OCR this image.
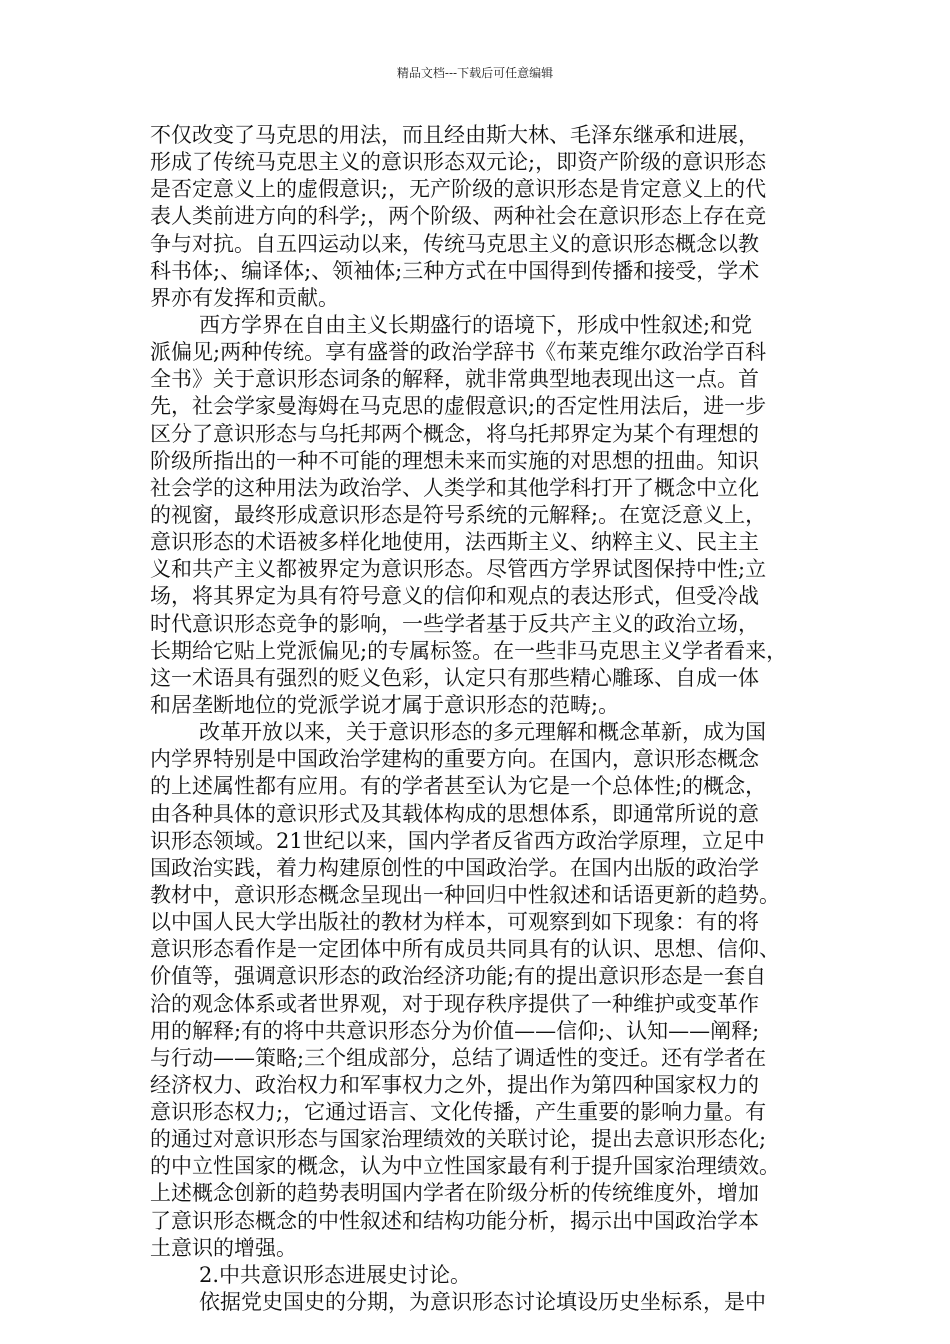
精品文档---下载后可任意编辑
不仅改变了马克思的用法，而且经由斯大林、毛泽东继承和进展，
形成了传统马克思主义的意识形态双元论;，即资产阶级的意识形态
是否定意义上的虚假意识;，无产阶级的意识形态是肯定意义上的代
表人类前进方向的科学;，两个阶级、两种社会在意识形态上存在竞
争与对抗。自五四运动以来，传统马克思主义的意识形态概念以教
科书体;、编译体;、领袖体;三种方式在中国得到传播和接受，学术
界亦有发挥和贡献。
西方学界在自由主义长期盛行的语境下，形成中性叙述;和党
派偏见;两种传统。享有盛誉的政治学辞书《布莱克维尔政治学百科
全书》关于意识形态词条的解释，就非常典型地表现出这一点。首
先，社会学家曼海姆在马克思的虚假意识;的否定性用法后，进一步
区分了意识形态与乌托邦两个概念，将乌托邦界定为某个有理想的
阶级所指出的一种不可能的理想未来而实施的对思想的扭曲。知识
社会学的这种用法为政治学、人类学和其他学科打开了概念中立化
的视窗，最终形成意识形态是符号系统的元解释;。在宽泛意义上，
意识形态的术语被多样化地使用，法西斯主义、纳粹主义、民主主
义和共产主义都被界定为意识形态。尽管西方学界试图保持中性;立
场，将其界定为具有符号意义的信仰和观点的表达形式，但受冷战
时代意识形态竞争的影响，一些学者基于反共产主义的政治立场，
长期给它贴上党派偏见;的专属标签。在一些非马克思主义学者看来，
这一术语具有强烈的贬义色彩，认定只有那些精心雕琢、自成一体
和居垄断地位的党派学说才属于意识形态的范畴;。
改革开放以来，关于意识形态的多元理解和概念革新，成为国
内学界特别是中国政治学建构的重要方向。在国内，意识形态概念
的上述属性都有应用。有的学者甚至认为它是一个总体性;的概念，
由各种具体的意识形式及其载体构成的思想体系，即通常所说的意
识形态领域。21世纪以来，国内学者反省西方政治学原理，立足中
国政治实践，着力构建原创性的中国政治学。在国内出版的政治学
教材中，意识形态概念呈现出一种回归中性叙述和话语更新的趋势。
以中国人民大学出版社的教材为样本，可观察到如下现象：有的将
意识形态看作是一定团体中所有成员共同具有的认识、思想、信仰、
价值等，强调意识形态的政治经济功能;有的提出意识形态是一套自
洽的观念体系或者世界观，对于现存秩序提供了一种维护或变革作
用的解释;有的将中共意识形态分为价值——信仰;、认知——阐释;
与行动——策略;三个组成部分，总结了调适性的变迁。还有学者在
经济权力、政治权力和军事权力之外，提出作为第四种国家权力的
意识形态权力;，它通过语言、文化传播，产生重要的影响力量。有
的通过对意识形态与国家治理绩效的关联讨论，提出去意识形态化;
的中立性国家的概念，认为中立性国家最有利于提升国家治理绩效。
上述概念创新的趋势表明国内学者在阶级分析的传统维度外，增加
了意识形态概念的中性叙述和结构功能分析，揭示出中国政治学本
土意识的增强。
2.中共意识形态进展史讨论。
依据党史国史的分期，为意识形态讨论填设历史坐标系，是中
